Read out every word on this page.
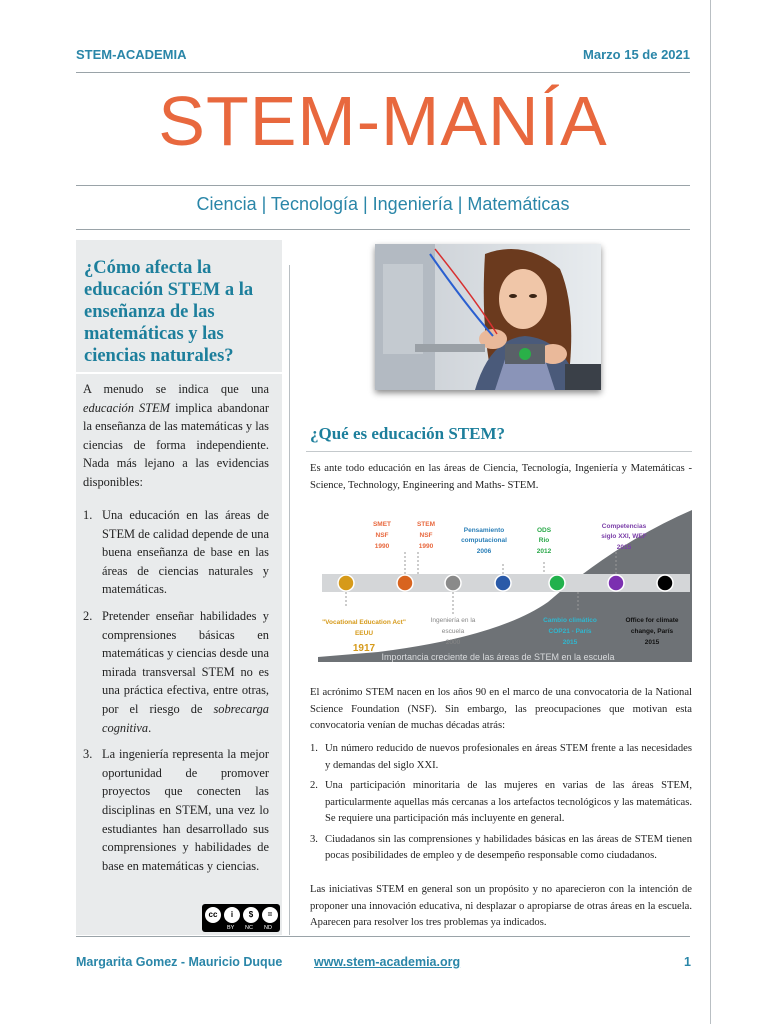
STEM-ACADEMIA	Marzo 15 de 2021
STEM-MANÍA
Ciencia | Tecnología | Ingeniería | Matemáticas
¿Cómo afecta la educación STEM a la enseñanza de las matemáticas y las ciencias naturales?
A menudo se indica que una educación STEM implica abandonar la enseñanza de las matemáticas y las ciencias de forma independiente. Nada más lejano a las evidencias disponibles:
1. Una educación en las áreas de STEM de calidad depende de una buena enseñanza de base en las áreas de ciencias naturales y matemáticas.
2. Pretender enseñar habilidades y comprensiones básicas en matemáticas y ciencias desde una mirada transversal STEM no es una práctica efectiva, entre otras, por el riesgo de sobrecarga cognitiva.
3. La ingeniería representa la mejor oportunidad de promover proyectos que conecten las disciplinas en STEM, una vez lo estudiantes han desarrollado sus comprensiones y habilidades de base en matemáticas y ciencias.
cc	i	$	=
BY NC ND
¿Qué es educación STEM?
Es ante todo educación en las áreas de Ciencia, Tecnología, Ingeniería y Matemáticas - Science, Technology, Engineering and Maths- STEM.
SMET
NSF
1990
STEM
NSF
1990
Pensamiento
computacional
2006
ODS
Rio
2012
Competencias
siglo XXI, WEF
2015
"Vocational Education Act"
EEUU
1917
Ingeniería en la
escuela
2000
Cambio climático
COP21 - París
2015
Office for climate
change, París
2015
Importancia creciente de las áreas de STEM en la escuela
El acrónimo STEM nacen en los años 90 en el marco de una convocatoria de la National Science Foundation (NSF). Sin embargo, las preocupaciones que motivan esta convocatoria venían de muchas décadas atrás:
1. Un número reducido de nuevos profesionales en áreas STEM frente a las necesidades y demandas del siglo XXI.
2. Una participación minoritaria de las mujeres en varias de las áreas STEM, particularmente aquellas más cercanas a los artefactos tecnológicos y las matemáticas. Se requiere una participación más incluyente en general.
3. Ciudadanos sin las comprensiones y habilidades básicas en las áreas de STEM tienen pocas posibilidades de empleo y de desempeño responsable como ciudadanos.
Las iniciativas STEM en general son un propósito y no aparecieron con la intención de proponer una innovación educativa, ni desplazar o apropiarse de otras áreas en la escuela. Aparecen para resolver los tres problemas ya indicados.
Margarita Gomez - Mauricio Duque	www.stem-academia.org	1
